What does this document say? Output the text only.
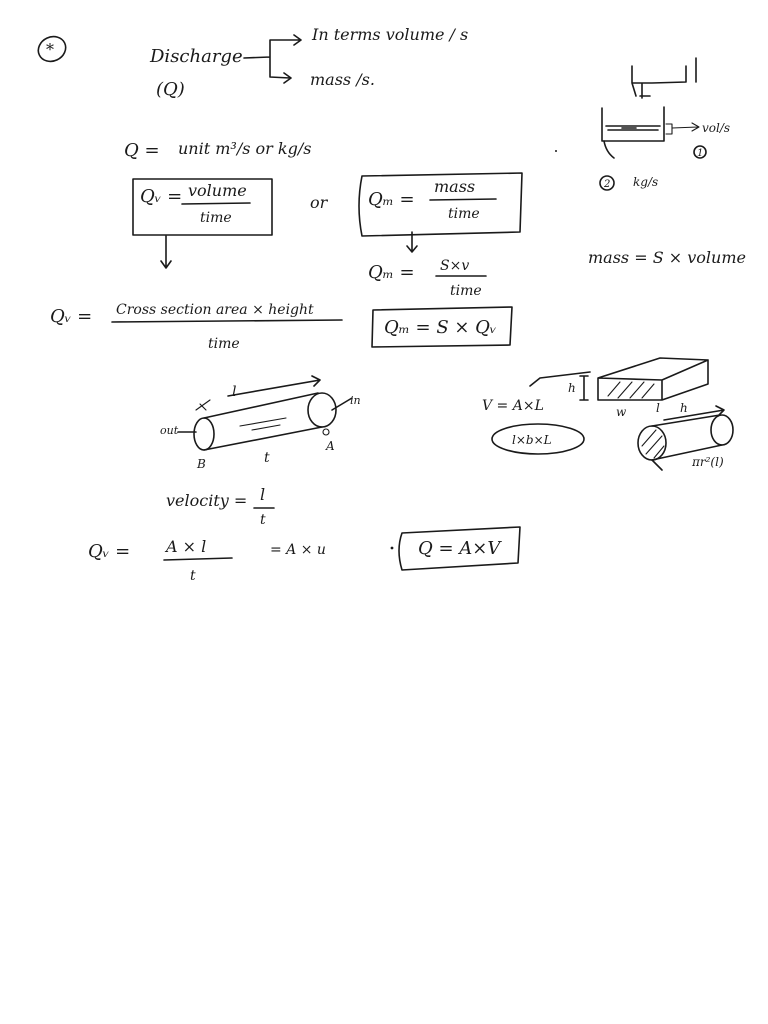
*	Discharge
(Q)
In terms volume / s
mass /s.
Q = unit m³/s or kg/s
Qᵥ = volume
time
or Qₘ =
mass
time
vol/s
1
2 kg/s
mass = S × volume
Qₘ = S×v
time
Qₘ = S × Qᵥ
Qᵥ = Cross section area × height
time
l
in
out
B	t
A
h
w l h
V = A×L
l×b×L
πr²(l)
velocity = l
t
Qᵥ = A × l
t
= A × u	Q = A×V
